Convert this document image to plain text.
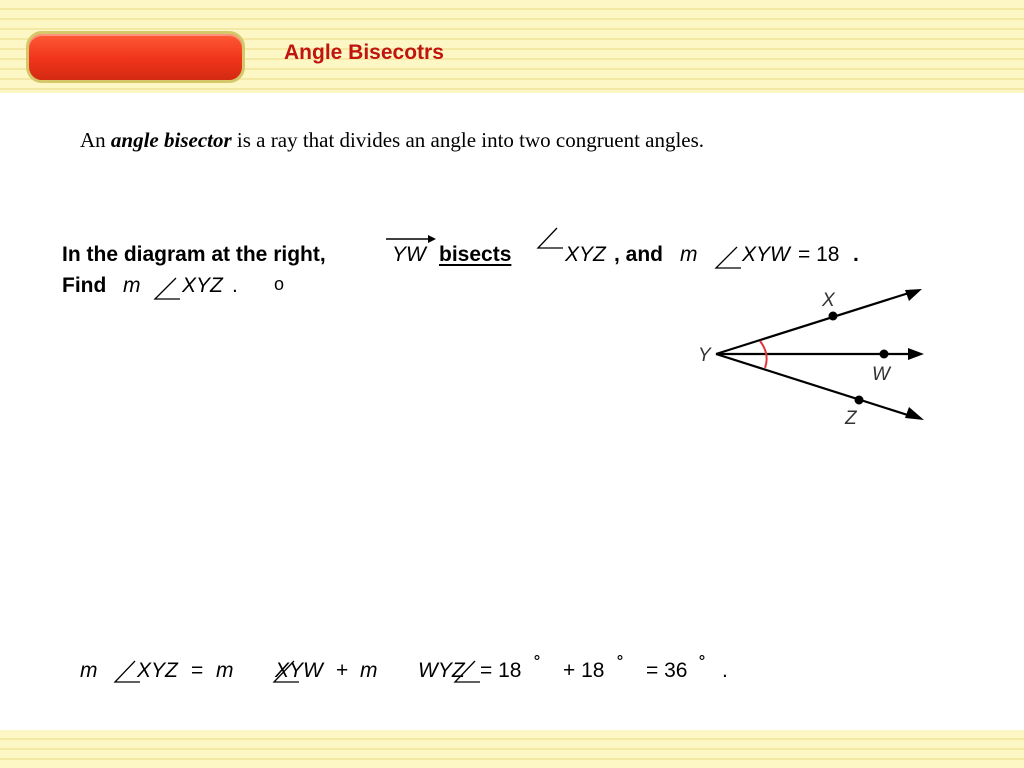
Angle Bisecotrs
An angle bisector is a ray that divides an angle into two congruent angles.
In the diagram at the right,	YW bisects	XYZ , and m XYW = 18 .
Find m XYZ . o
m XYZ = m XYW + m WYZ = 18 ˚ + 18 ˚ = 36 ˚ .
Y
X
W
Z
